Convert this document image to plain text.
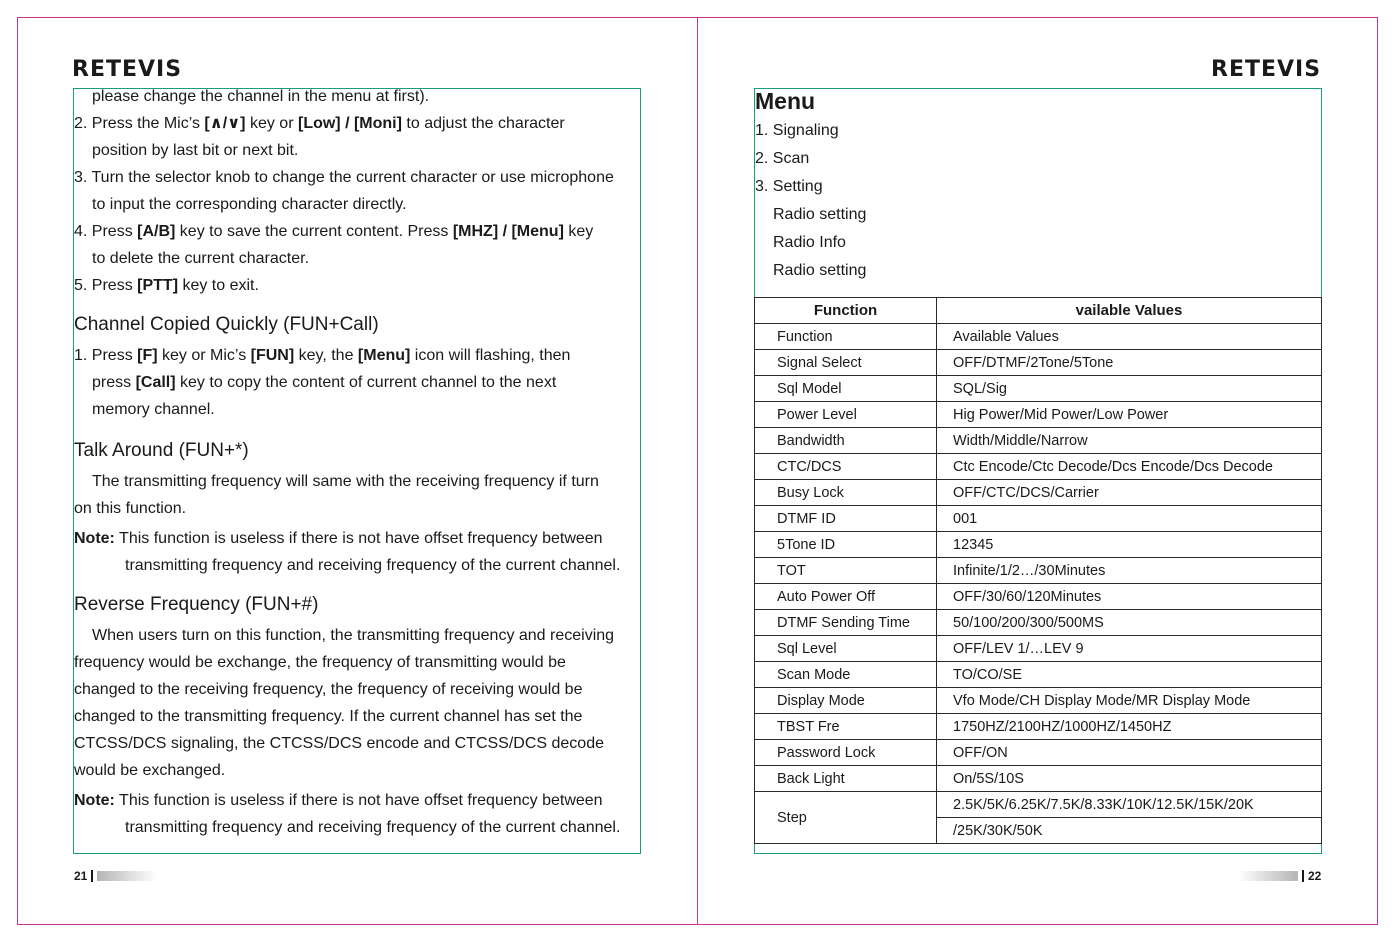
RETEVIS	RETEVIS
please change the channel in the menu at first).
2. Press the Mic’s [∧/∨] key or [Low] / [Moni] to adjust the character
position by last bit or next bit.
3. Turn the selector knob to change the current character or use microphone
to input the corresponding character directly.
4. Press [A/B] key to save the current content. Press [MHZ] / [Menu] key
to delete the current character.
5. Press [PTT] key to exit.
Channel Copied Quickly (FUN+Call)
1. Press [F] key or Mic’s [FUN] key, the [Menu] icon will flashing, then
press [Call] key to copy the content of current channel to the next
memory channel.
Talk Around (FUN+*)
The transmitting frequency will same with the receiving frequency if turn
on this function.
Note: This function is useless if there is not have offset frequency between
transmitting frequency and receiving frequency of the current channel.
Reverse Frequency (FUN+#)
When users turn on this function, the transmitting frequency and receiving
frequency would be exchange, the frequency of transmitting would be
changed to the receiving frequency, the frequency of receiving would be
changed to the transmitting frequency. If the current channel has set the
CTCSS/DCS signaling, the CTCSS/DCS encode and CTCSS/DCS decode
would be exchanged.
Note: This function is useless if there is not have offset frequency between
transmitting frequency and receiving frequency of the current channel.
21
Menu
1. Signaling
2. Scan
3. Setting
Radio setting
Radio Info
Radio setting
Function	vailable Values
Function	Available Values
Signal Select	OFF/DTMF/2Tone/5Tone
Sql Model	SQL/Sig
Power Level	Hig Power/Mid Power/Low Power
Bandwidth	Width/Middle/Narrow
CTC/DCS	Ctc Encode/Ctc Decode/Dcs Encode/Dcs Decode
Busy Lock	OFF/CTC/DCS/Carrier
DTMF ID	001
5Tone ID	12345
TOT	Infinite/1/2…/30Minutes
Auto Power Off	OFF/30/60/120Minutes
DTMF Sending Time	50/100/200/300/500MS
Sql Level	OFF/LEV 1/…LEV 9
Scan Mode	TO/CO/SE
Display Mode	Vfo Mode/CH Display Mode/MR Display Mode
TBST Fre	1750HZ/2100HZ/1000HZ/1450HZ
Password Lock	OFF/ON
Back Light	On/5S/10S
Step	2.5K/5K/6.25K/7.5K/8.33K/10K/12.5K/15K/20K
	/25K/30K/50K
22
